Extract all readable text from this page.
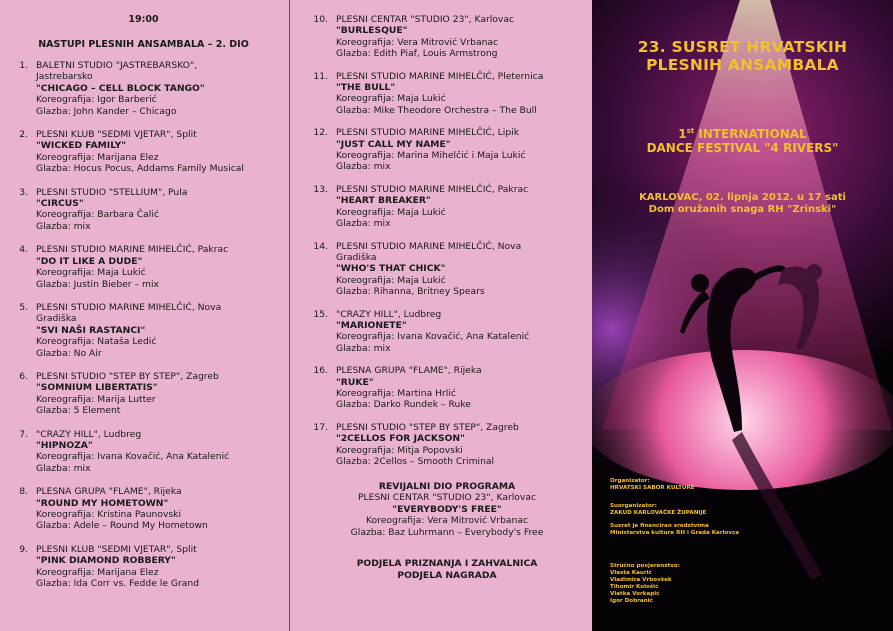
19:00
NASTUPI PLESNIH ANSAMBALA – 2. DIO
1. BALETNI STUDIO "JASTREBARSKO",
Jastrebarsko
"CHICAGO – CELL BLOCK TANGO"
Koreografija: Igor Barberić
Glazba: John Kander – Chicago
2. PLESNI KLUB "SEDMI VJETAR", Split
"WICKED FAMILY"
Koreografija: Marijana Elez
Glazba: Hocus Pocus, Addams Family Musical
3. PLESNI STUDIO "STELLIUM", Pula
"CIRCUS"
Koreografija: Barbara Čalić
Glazba: mix
4. PLESNI STUDIO MARINE MIHELČIĆ, Pakrac
"DO IT LIKE A DUDE"
Koreografija: Maja Lukić
Glazba: Justin Bieber – mix
5. PLESNI STUDIO MARINE MIHELČIĆ, Nova
Gradiška
"SVI NAŠI RASTANCI"
Koreografija: Nataša Ledić
Glazba: No Air
6. PLESNI STUDIO "STEP BY STEP", Zagreb
"SOMNIUM LIBERTATIS"
Koreografija: Marija Lutter
Glazba: 5 Element
7. "CRAZY HILL", Ludbreg
"HIPNOZA"
Koreografija: Ivana Kovačić, Ana Katalenić
Glazba: mix
8. PLESNA GRUPA "FLAME", Rijeka
"ROUND MY HOMETOWN"
Koreografija: Kristina Paunovski
Glazba: Adele – Round My Hometown
9. PLESNI KLUB "SEDMI VJETAR", Split
"PINK DIAMOND ROBBERY"
Koreografija: Marijana Elez
Glazba: Ida Corr vs. Fedde le Grand
10. PLESNI CENTAR "STUDIO 23", Karlovac
"BURLESQUE"
Koreografija: Vera Mitrović Vrbanac
Glazba: Edith Piaf, Louis Armstrong
11. PLESNI STUDIO MARINE MIHELČIĆ, Pleternica
"THE BULL"
Koreografija: Maja Lukić
Glazba: Mike Theodore Orchestra – The Bull
12. PLESNI STUDIO MARINE MIHELČIĆ, Lipik
"JUST CALL MY NAME"
Koreografija: Marina Mihelčić i Maja Lukić
Glazba: mix
13. PLESNI STUDIO MARINE MIHELČIĆ, Pakrac
"HEART BREAKER"
Koreografija: Maja Lukić
Glazba: mix
14. PLESNI STUDIO MARINE MIHELČIĆ, Nova
Gradiška
"WHO'S THAT CHICK"
Koreografija: Maja Lukić
Glazba: Rihanna, Britney Spears
15. "CRAZY HILL", Ludbreg
"MARIONETE"
Koreografija: Ivana Kovačić, Ana Katalenić
Glazba: mix
16. PLESNA GRUPA "FLAME", Rijeka
"RUKE"
Koreografija: Martina Hrlić
Glazba: Darko Rundek – Ruke
17. PLESNI STUDIO "STEP BY STEP", Zagreb
"2CELLOS FOR JACKSON"
Koreografija: Mitja Popovski
Glazba: 2Cellos – Smooth Criminal
REVIJALNI DIO PROGRAMA
PLESNI CENTAR "STUDIO 23", Karlovac
"EVERYBODY'S FREE"
Koreografija: Vera Mitrović Vrbanac
Glazba: Baz Luhrmann – Everybody's Free
PODJELA PRIZNANJA I ZAHVALNICA
PODJELA NAGRADA
23. SUSRET HRVATSKIH
PLESNIH ANSAMBALA
1st INTERNATIONAL
DANCE FESTIVAL "4 RIVERS"
KARLOVAC, 02. lipnja 2012. u 17 sati
Dom oružanih snaga RH "Zrinski"
Organizator:
HRVATSKI SABOR KULTURE
Suorganizator:
ZAKUD KARLOVAČKE ŽUPANIJE
Susret je financiran sredstvima
Ministarstva kulture RH i Grada Karlovca
Stručno povjerenstvo:
Vlasta Kaurić
Vladimira Vrbovšek
Tihomir Kološić
Vlatka Vorkapić
Igor Dobranić
